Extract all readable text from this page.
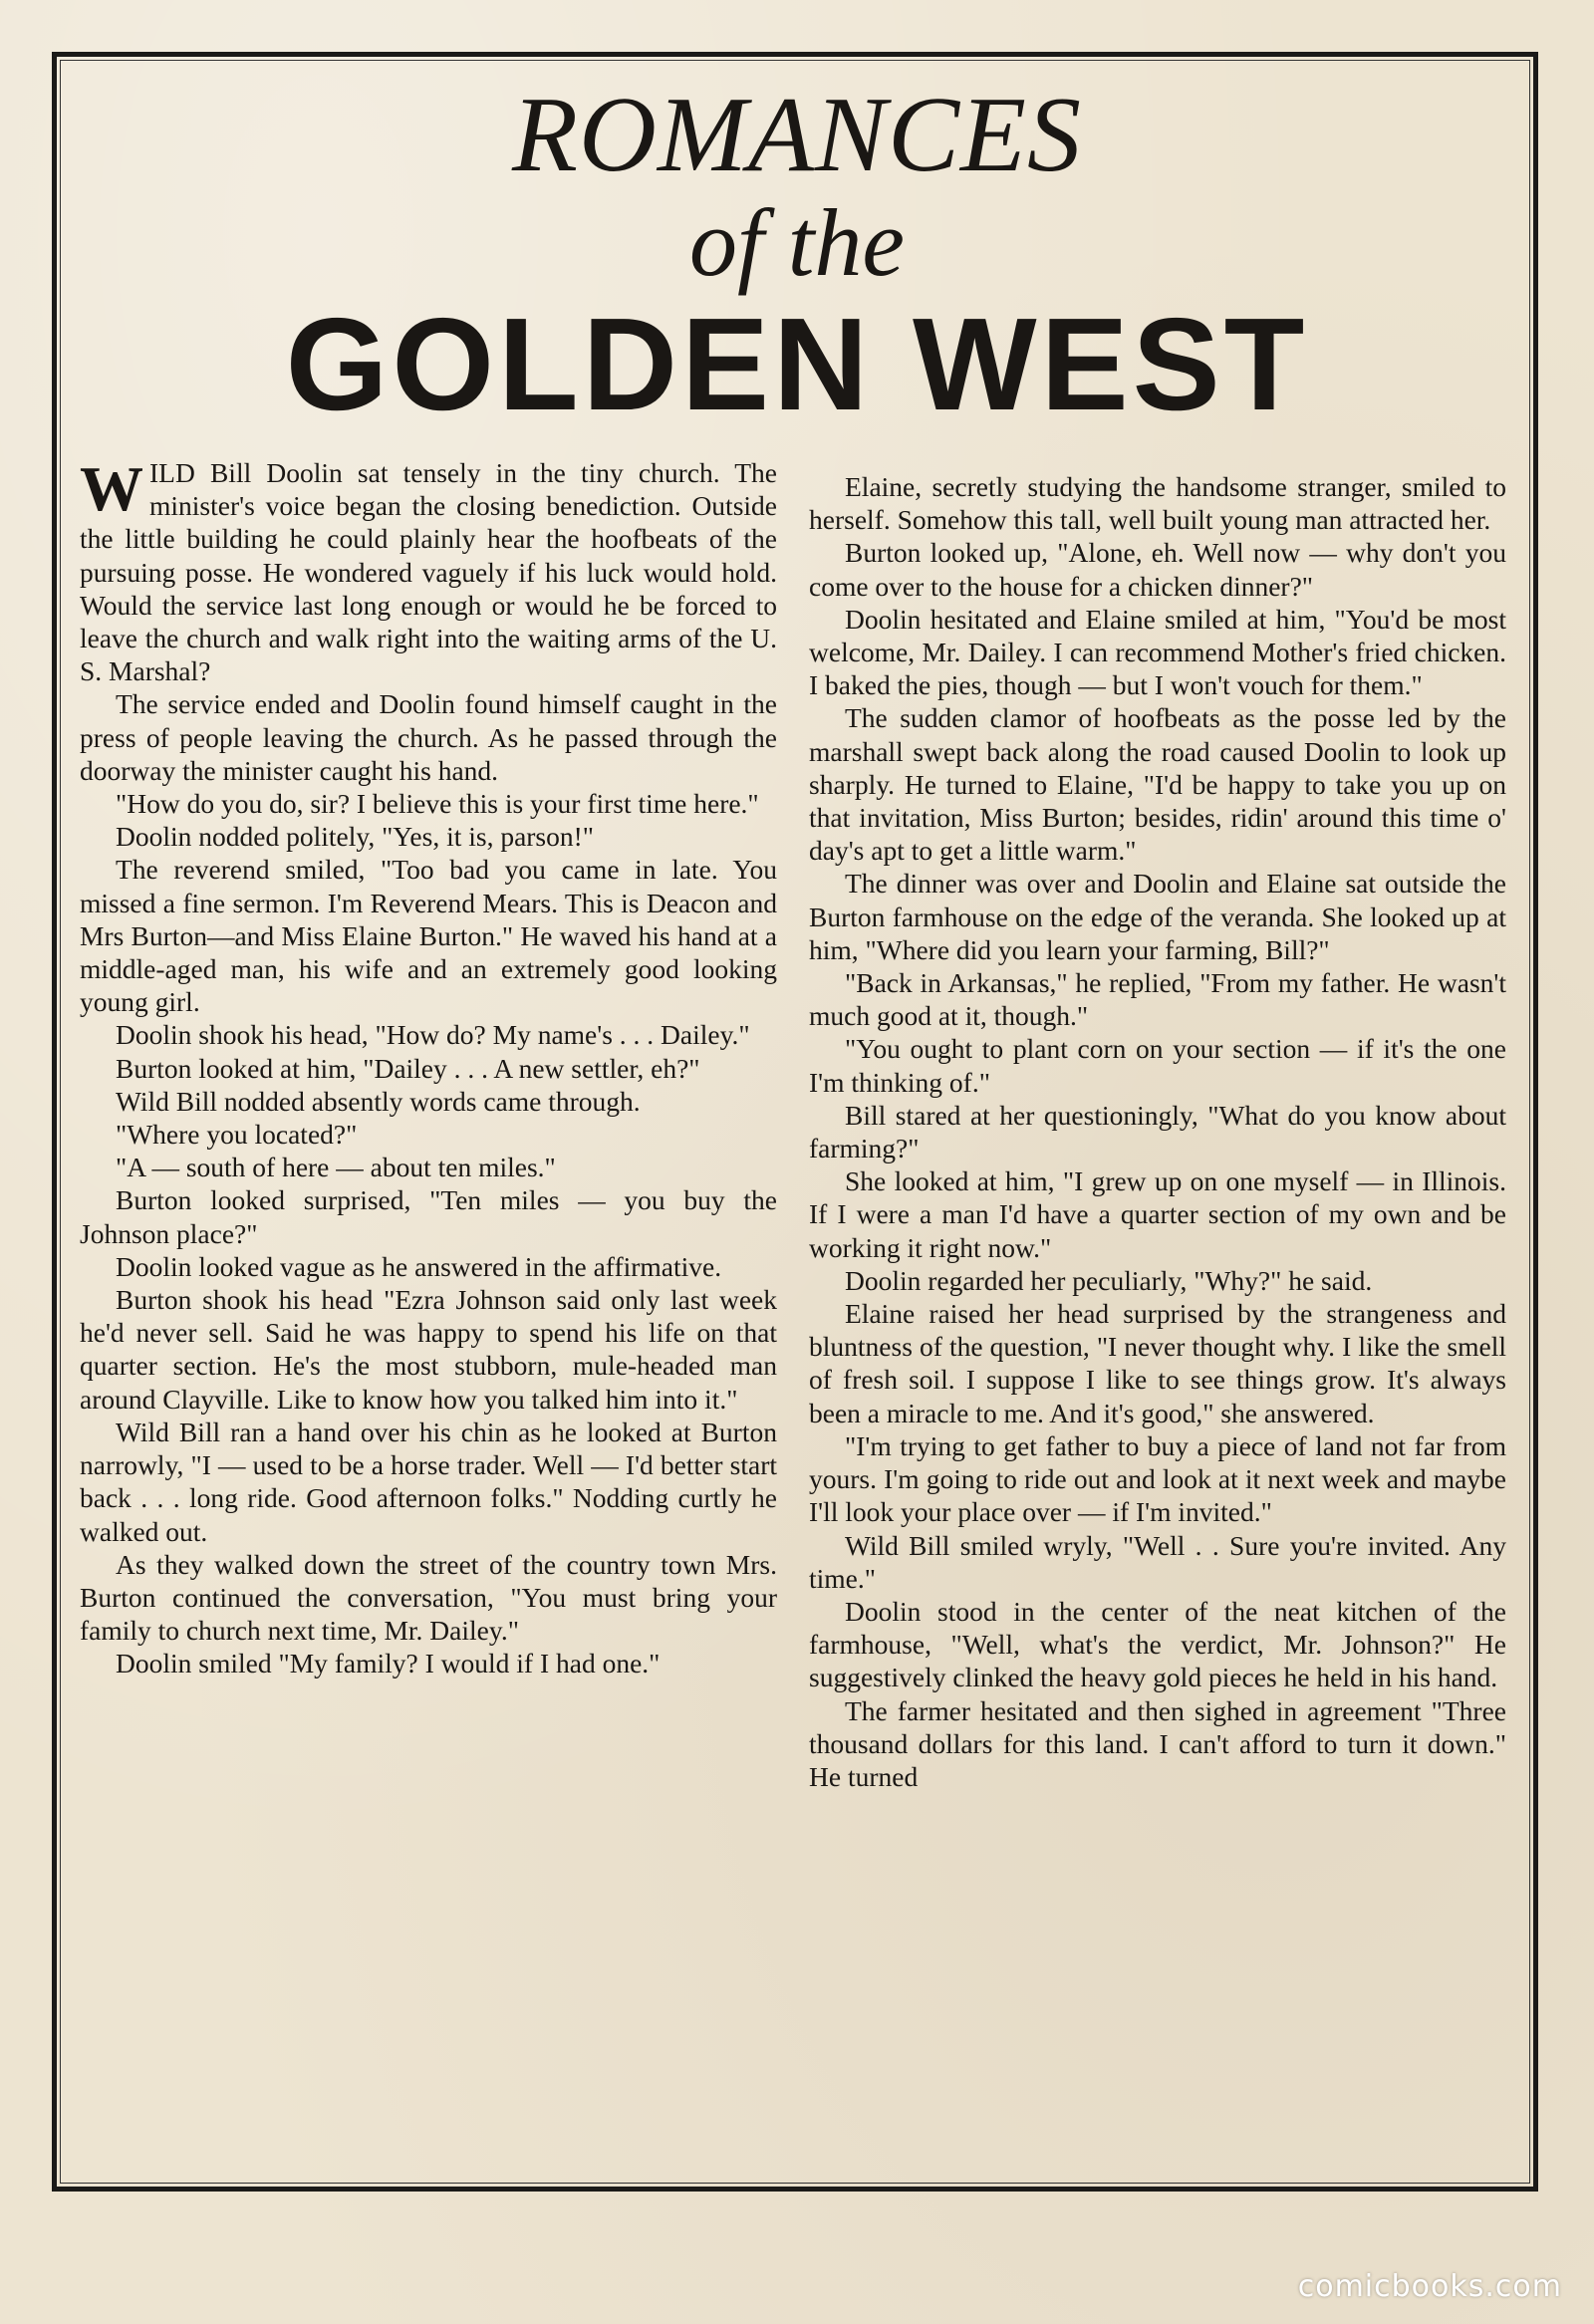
ROMANCES
of the
GOLDEN WEST

WILD Bill Doolin sat tensely in the tiny church. The minister's voice began the closing benediction. Outside the little building he could plainly hear the hoofbeats of the pursuing posse. He wondered vaguely if his luck would hold. Would the service last long enough or would he be forced to leave the church and walk right into the waiting arms of the U. S. Marshal?

The service ended and Doolin found himself caught in the press of people leaving the church. As he passed through the doorway the minister caught his hand.

"How do you do, sir? I believe this is your first time here."

Doolin nodded politely, "Yes, it is, parson!"

The reverend smiled, "Too bad you came in late. You missed a fine sermon. I'm Reverend Mears. This is Deacon and Mrs Burton—and Miss Elaine Burton." He waved his hand at a middle-aged man, his wife and an extremely good looking young girl.

Doolin shook his head, "How do? My name's . . . Dailey."

Burton looked at him, "Dailey . . . A new settler, eh?"

Wild Bill nodded absently words came through.

"Where you located?"

"A — south of here — about ten miles."

Burton looked surprised, "Ten miles — you buy the Johnson place?"

Doolin looked vague as he answered in the affirmative.

Burton shook his head "Ezra Johnson said only last week he'd never sell. Said he was happy to spend his life on that quarter section. He's the most stubborn, mule-headed man around Clayville. Like to know how you talked him into it."

Wild Bill ran a hand over his chin as he looked at Burton narrowly, "I — used to be a horse trader. Well — I'd better start back . . . long ride. Good afternoon folks." Nodding curtly he walked out.

As they walked down the street of the country town Mrs. Burton continued the conversation, "You must bring your family to church next time, Mr. Dailey."

Doolin smiled "My family? I would if I had one."

Elaine, secretly studying the handsome stranger, smiled to herself. Somehow this tall, well built young man attracted her.

Burton looked up, "Alone, eh. Well now — why don't you come over to the house for a chicken dinner?"

Doolin hesitated and Elaine smiled at him, "You'd be most welcome, Mr. Dailey. I can recommend Mother's fried chicken. I baked the pies, though — but I won't vouch for them."

The sudden clamor of hoofbeats as the posse led by the marshall swept back along the road caused Doolin to look up sharply. He turned to Elaine, "I'd be happy to take you up on that invitation, Miss Burton; besides, ridin' around this time o' day's apt to get a little warm."

The dinner was over and Doolin and Elaine sat outside the Burton farmhouse on the edge of the veranda. She looked up at him, "Where did you learn your farming, Bill?"

"Back in Arkansas," he replied, "From my father. He wasn't much good at it, though."

"You ought to plant corn on your section — if it's the one I'm thinking of."

Bill stared at her questioningly, "What do you know about farming?"

She looked at him, "I grew up on one myself — in Illinois. If I were a man I'd have a quarter section of my own and be working it right now."

Doolin regarded her peculiarly, "Why?" he said.

Elaine raised her head surprised by the strangeness and bluntness of the question, "I never thought why. I like the smell of fresh soil. I suppose I like to see things grow. It's always been a miracle to me. And it's good," she answered.

"I'm trying to get father to buy a piece of land not far from yours. I'm going to ride out and look at it next week and maybe I'll look your place over — if I'm invited."

Wild Bill smiled wryly, "Well . . Sure you're invited. Any time."

Doolin stood in the center of the neat kitchen of the farmhouse, "Well, what's the verdict, Mr. Johnson?" He suggestively clinked the heavy gold pieces he held in his hand.

The farmer hesitated and then sighed in agreement "Three thousand dollars for this land. I can't afford to turn it down." He turned

comicbooks.com
